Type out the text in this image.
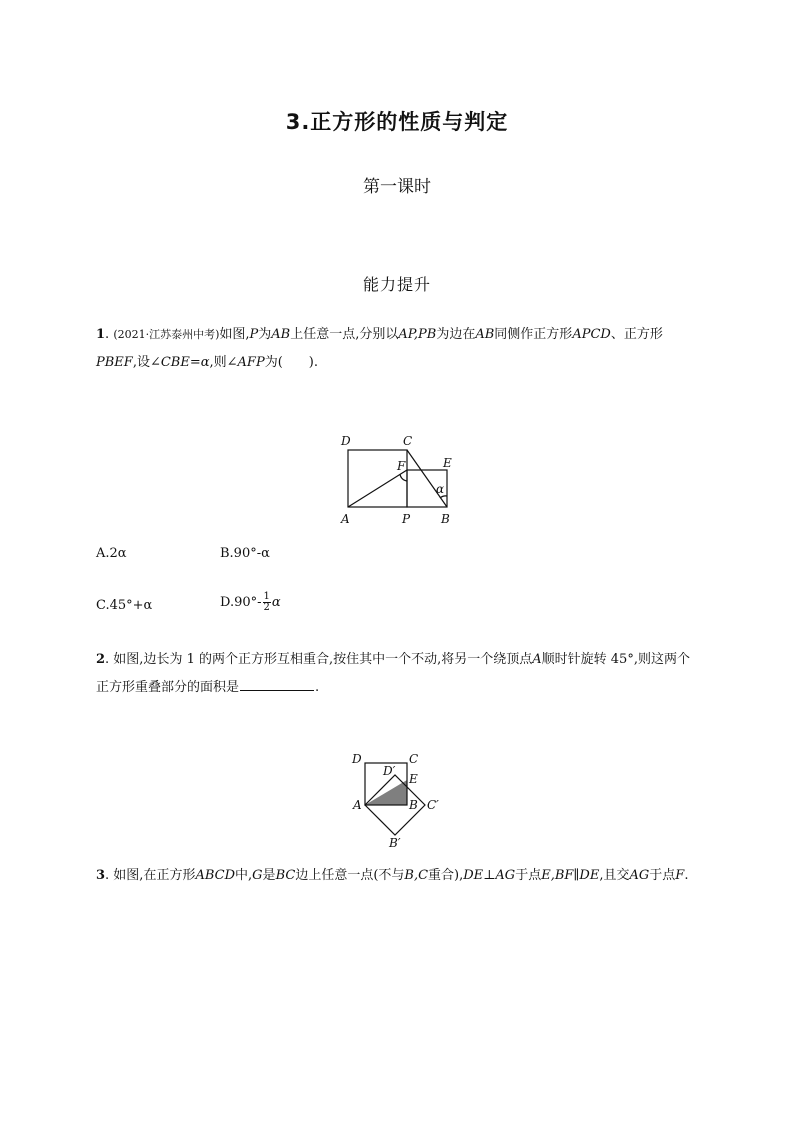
3.正方形的性质与判定
第一课时
能力提升
1. (2021·江苏泰州中考)如图,P为AB上任意一点,分别以AP,PB为边在AB同侧作正方形APCD、正方形PBEF,设∠CBE=α,则∠AFP为(　　).
D	C
F	E
α
A	P	B
A.2α	B.90°-α
C.45°+α	$D.90^\circ- \frac{1}{2}$ α
2. 如图,边长为 1 的两个正方形互相重合,按住其中一个不动,将另一个绕顶点A顺时针旋转 45°,则这两个正方形重叠部分的面积是	.
D	C
D′
E
A	B C′
B′
3. 如图,在正方形ABCD中,G是BC边上任意一点(不与B,C重合),DE⊥AG于点E,BF∥DE,且交AG于点F.
